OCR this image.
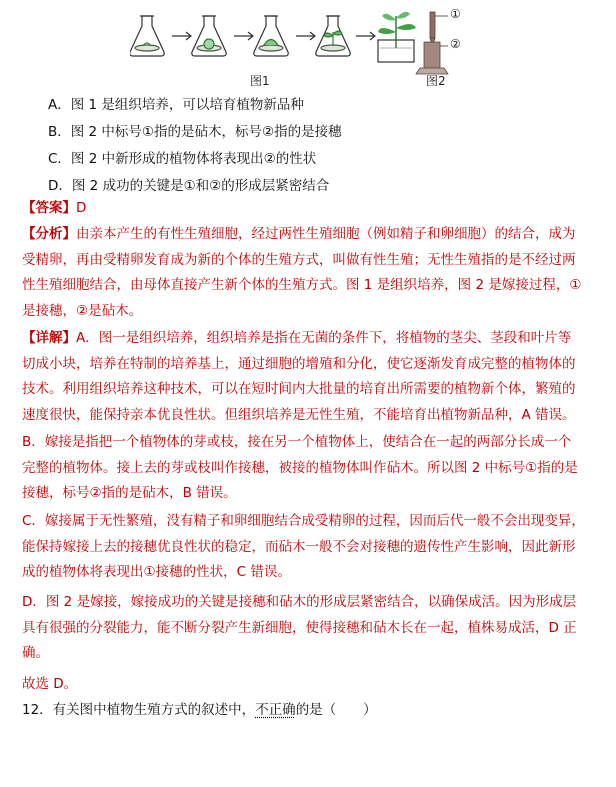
图1	图2
①
②
A．图 1 是组织培养，可以培育植物新品种
B．图 2 中标号①指的是砧木，标号②指的是接穗
C．图 2 中新形成的植物体将表现出②的性状
D．图 2 成功的关键是①和②的形成层紧密结合
【答案】D
【分析】由亲本产生的有性生殖细胞，经过两性生殖细胞（例如精子和卵细胞）的结合，成为
受精卵，再由受精卵发育成为新的个体的生殖方式，叫做有性生殖；无性生殖指的是不经过两
性生殖细胞结合，由母体直接产生新个体的生殖方式。图 1 是组织培养，图 2 是嫁接过程，①
是接穗，②是砧木。
【详解】A．图一是组织培养，组织培养是指在无菌的条件下，将植物的茎尖、茎段和叶片等
切成小块，培养在特制的培养基上，通过细胞的增殖和分化，使它逐渐发育成完整的植物体的
技术。利用组织培养这种技术，可以在短时间内大批量的培育出所需要的植物新个体，繁殖的
速度很快，能保持亲本优良性状。但组织培养是无性生殖，不能培育出植物新品种，A 错误。
B．嫁接是指把一个植物体的芽或枝，接在另一个植物体上，使结合在一起的两部分长成一个
完整的植物体。接上去的芽或枝叫作接穗，被接的植物体叫作砧木。所以图 2 中标号①指的是
接穗，标号②指的是砧木，B 错误。
C．嫁接属于无性繁殖，没有精子和卵细胞结合成受精卵的过程，因而后代一般不会出现变异，
能保持嫁接上去的接穗优良性状的稳定，而砧木一般不会对接穗的遗传性产生影响，因此新形
成的植物体将表现出①接穗的性状，C 错误。
D．图 2 是嫁接，嫁接成功的关键是接穗和砧木的形成层紧密结合，以确保成活。因为形成层
具有很强的分裂能力，能不断分裂产生新细胞，使得接穗和砧木长在一起，植株易成活，D 正
确。
故选 D。
12．有关图中植物生殖方式的叙述中，不正确的是（　　）
